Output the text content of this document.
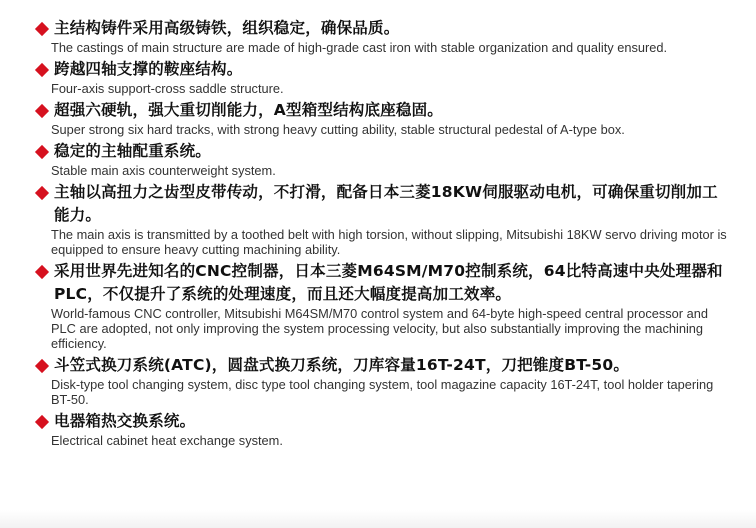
主结构铸件采用高级铸铁，组织稳定，确保品质。
The castings of main structure are made of high-grade cast iron with stable organization and quality ensured.
跨越四轴支撑的鞍座结构。
Four-axis support-cross saddle structure.
超强六硬轨，强大重切削能力，A型箱型结构底座稳固。
Super strong six hard tracks, with strong heavy cutting ability, stable structural pedestal of A-type box.
稳定的主轴配重系统。
Stable main axis counterweight system.
主轴以高扭力之齿型皮带传动，不打滑，配备日本三菱18KW伺服驱动电机，可确保重切削加工能力。
The main axis is transmitted by a toothed belt with high torsion, without slipping, Mitsubishi 18KW servo driving motor is equipped to ensure heavy cutting machining ability.
采用世界先进知名的CNC控制器，日本三菱M64SM/M70控制系统，64比特高速中央处理器和PLC，不仅提升了系统的处理速度，而且还大幅度提高加工效率。
World-famous CNC controller, Mitsubishi M64SM/M70 control system and 64-byte high-speed central processor and PLC are adopted, not only improving the system processing velocity, but also substantially improving the machining efficiency.
斗笠式换刀系统(ATC)，圆盘式换刀系统，刀库容量16T-24T，刀把锥度BT-50。
Disk-type tool changing system, disc type tool changing system, tool magazine capacity 16T-24T, tool holder tapering BT-50.
电器箱热交换系统。
Electrical cabinet heat exchange system.
